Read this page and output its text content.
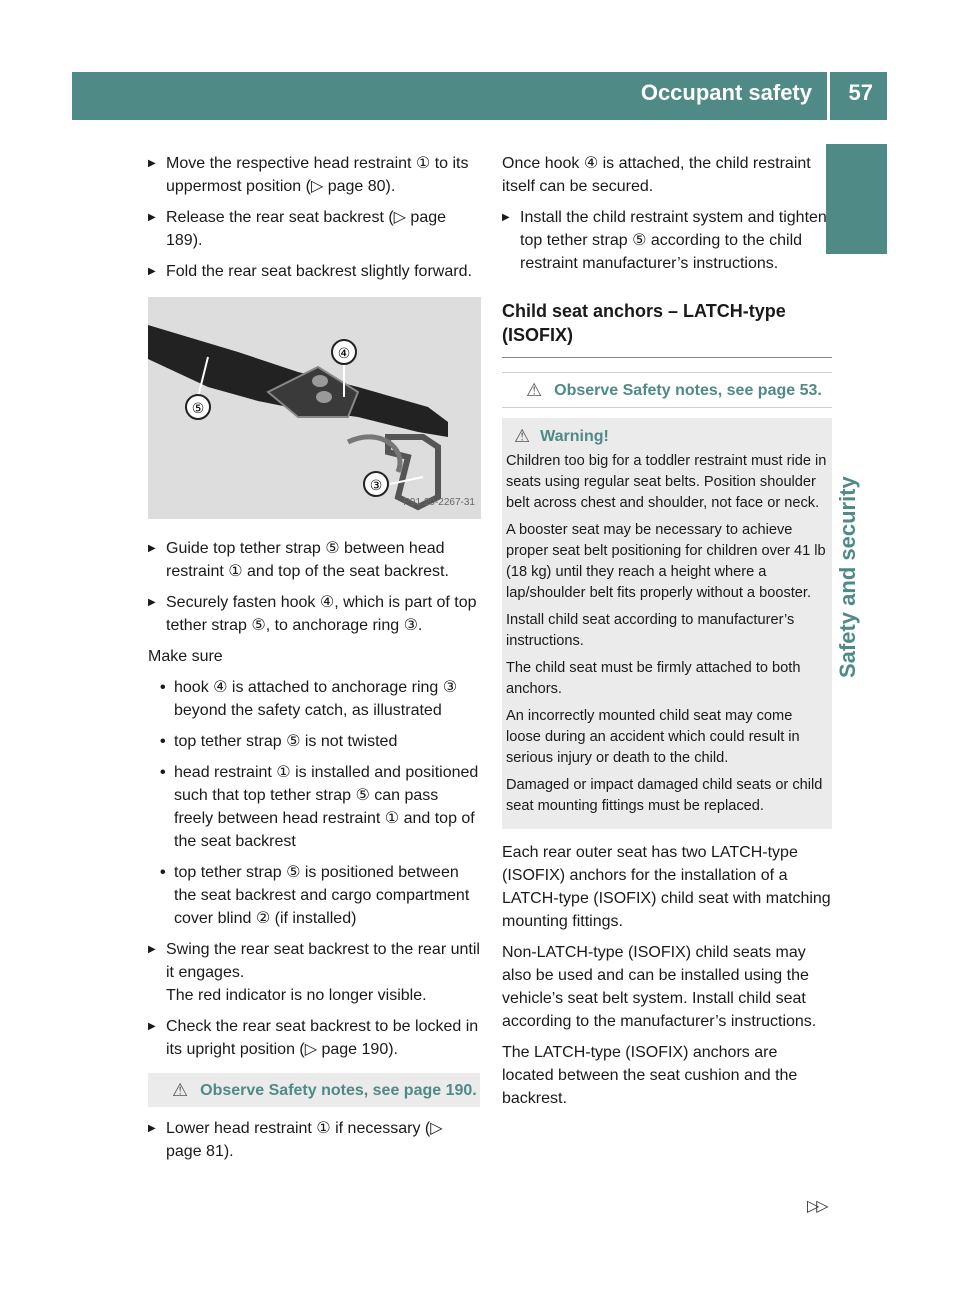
Occupant safety 57
Safety and security
▶ Move the respective head restraint ① to its uppermost position (▷ page 80).
▶ Release the rear seat backrest (▷ page 189).
▶ Fold the rear seat backrest slightly forward.
④
⑤
③
P91.20-2267-31
▶ Guide top tether strap ⑤ between head restraint ① and top of the seat backrest.
▶ Securely fasten hook ④, which is part of top tether strap ⑤, to anchorage ring ③.
Make sure
• hook ④ is attached to anchorage ring ③ beyond the safety catch, as illustrated
• top tether strap ⑤ is not twisted
• head restraint ① is installed and positioned such that top tether strap ⑤ can pass freely between head restraint ① and top of the seat backrest
• top tether strap ⑤ is positioned between the seat backrest and cargo compartment cover blind ② (if installed)
▶ Swing the rear seat backrest to the rear until it engages.
The red indicator is no longer visible.
▶ Check the rear seat backrest to be locked in its upright position (▷ page 190).
⚠ Observe Safety notes, see page 190.
▶ Lower head restraint ① if necessary (▷ page 81).
Once hook ④ is attached, the child restraint itself can be secured.
▶ Install the child restraint system and tighten top tether strap ⑤ according to the child restraint manufacturer’s instructions.
Child seat anchors – LATCH-type (ISOFIX)
⚠ Observe Safety notes, see page 53.
⚠ Warning!

Children too big for a toddler restraint must ride in seats using regular seat belts. Position shoulder belt across chest and shoulder, not face or neck.

A booster seat may be necessary to achieve proper seat belt positioning for children over 41 lb (18 kg) until they reach a height where a lap/shoulder belt fits properly without a booster.

Install child seat according to manufacturer’s instructions.

The child seat must be firmly attached to both anchors.

An incorrectly mounted child seat may come loose during an accident which could result in serious injury or death to the child.

Damaged or impact damaged child seats or child seat mounting fittings must be replaced.

Each rear outer seat has two LATCH-type (ISOFIX) anchors for the installation of a LATCH-type (ISOFIX) child seat with matching mounting fittings.
Non-LATCH-type (ISOFIX) child seats may also be used and can be installed using the vehicle’s seat belt system. Install child seat according to the manufacturer’s instructions.
The LATCH-type (ISOFIX) anchors are located between the seat cushion and the backrest.
▷▷
